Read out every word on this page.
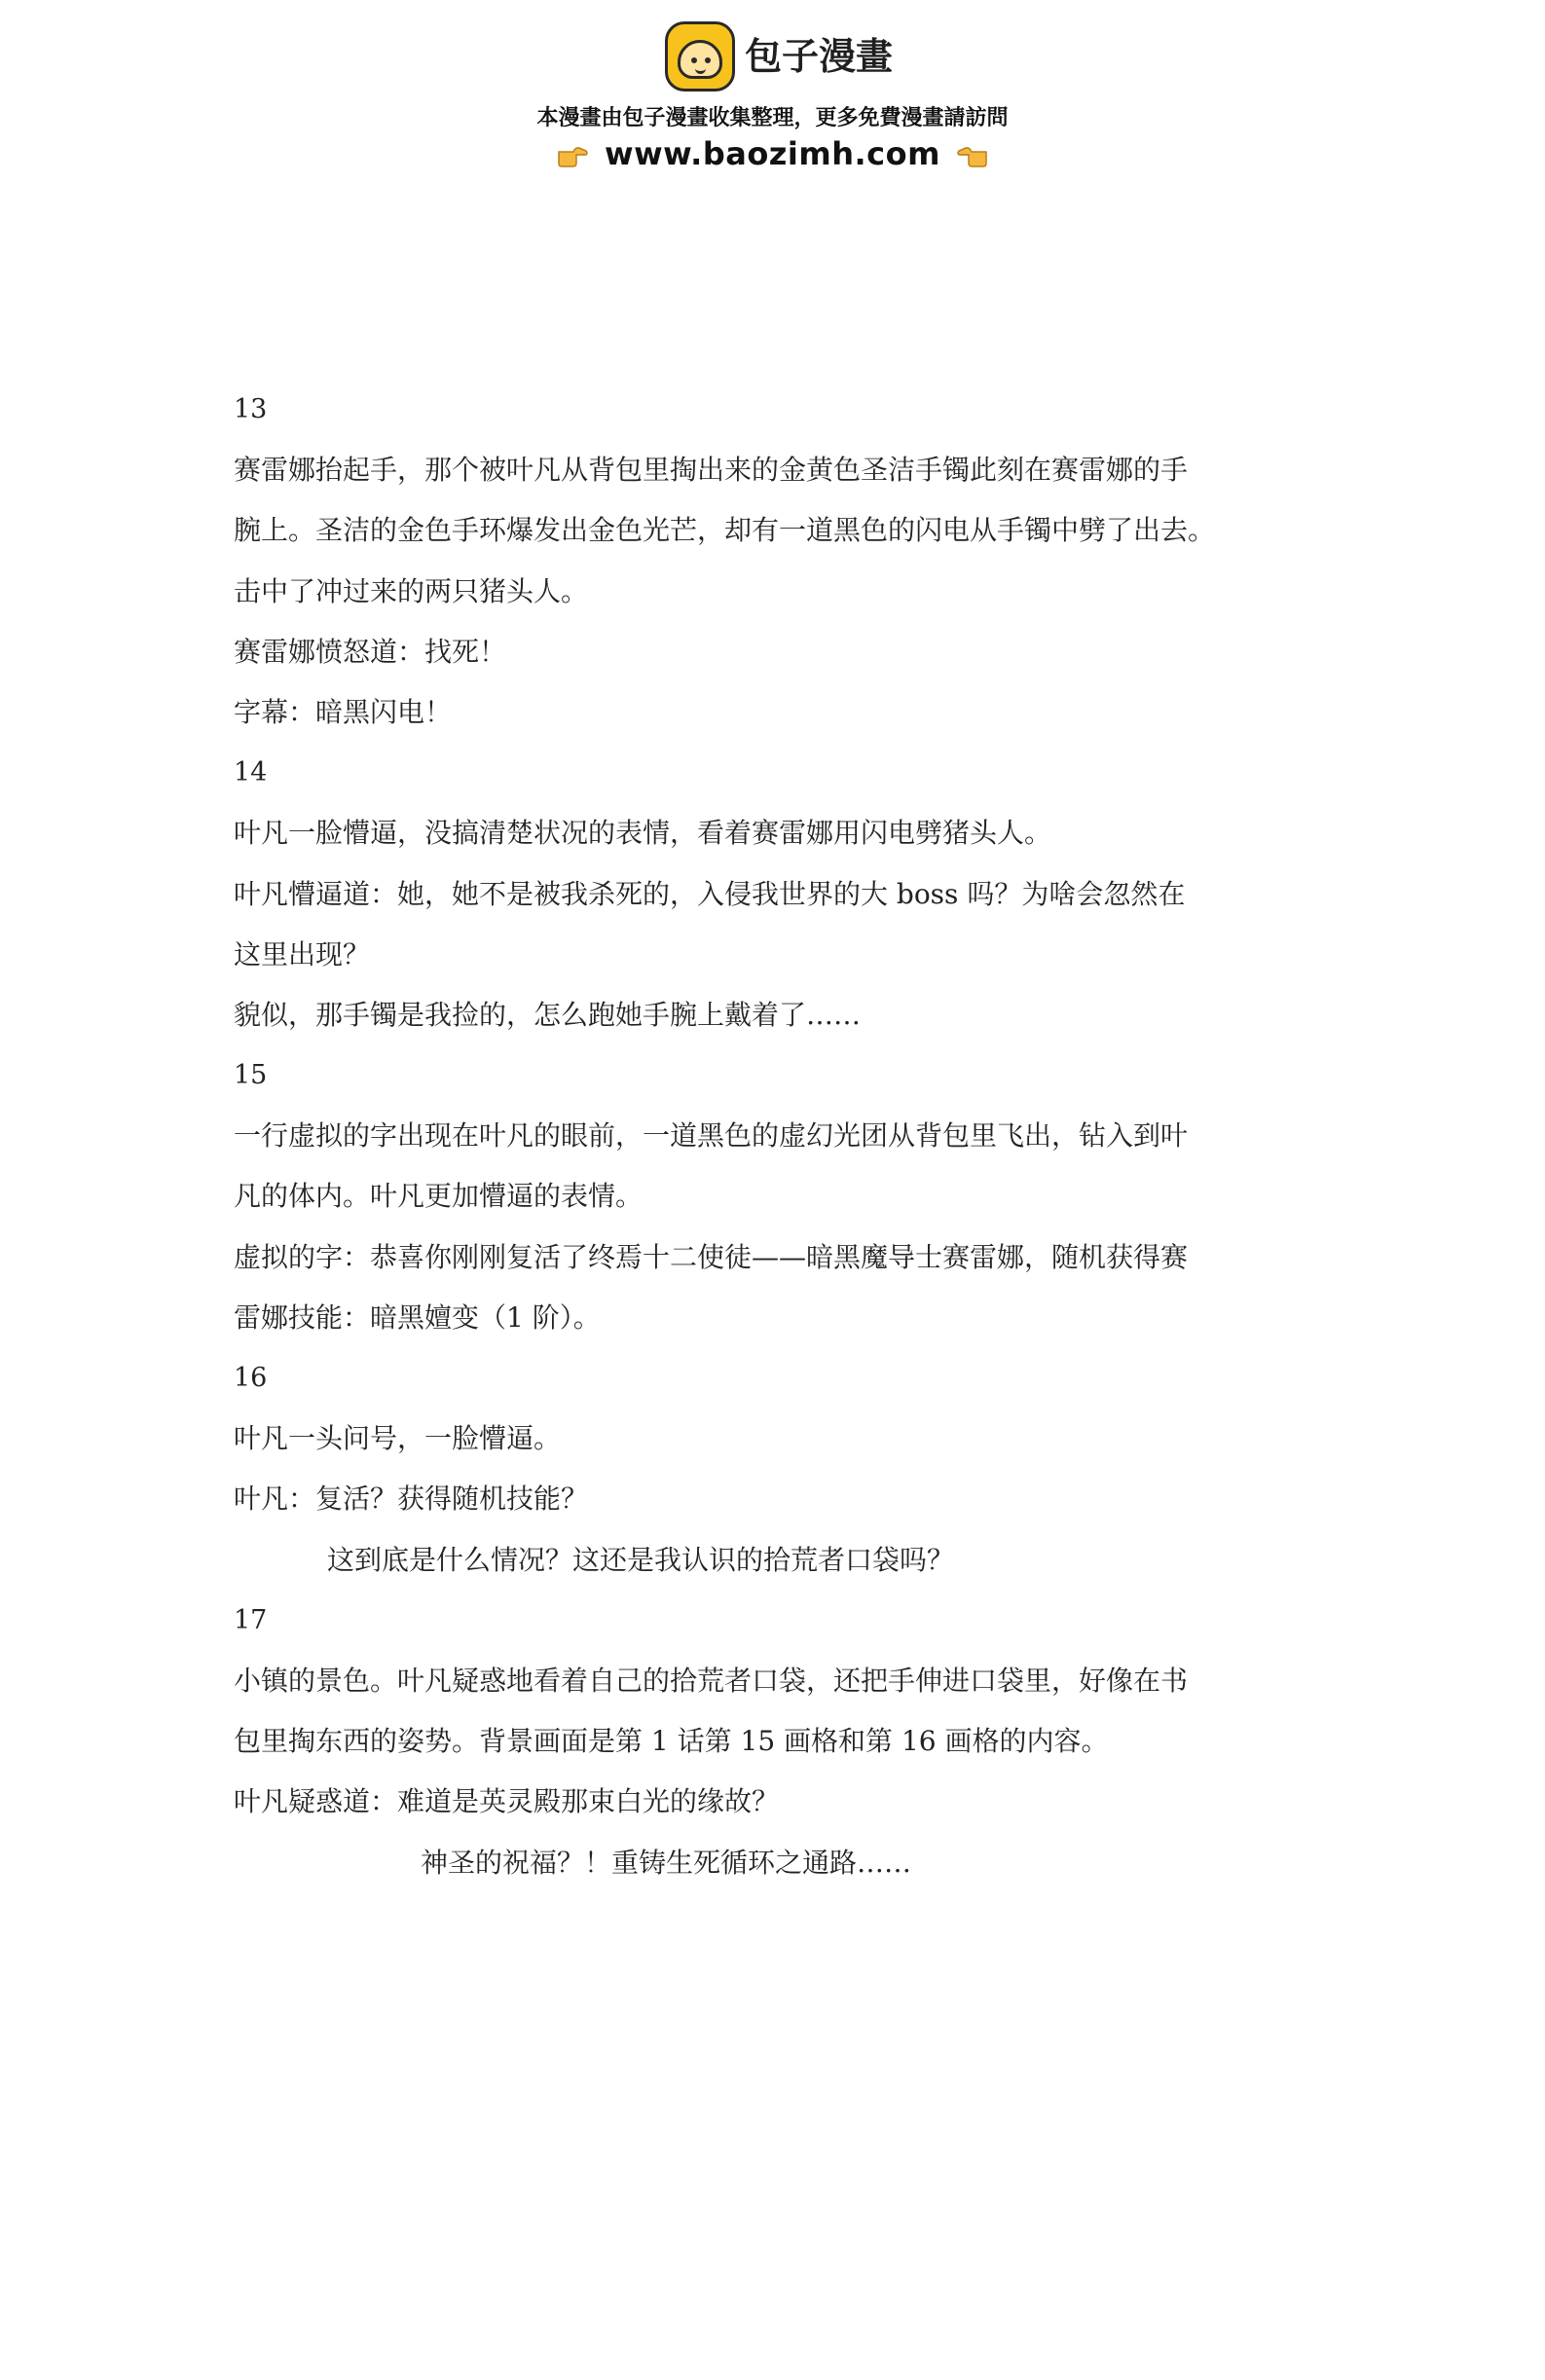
包子漫畫
本漫畫由包子漫畫收集整理，更多免費漫畫請訪問
www.baozimh.com
13
赛雷娜抬起手，那个被叶凡从背包里掏出来的金黄色圣洁手镯此刻在赛雷娜的手
腕上。圣洁的金色手环爆发出金色光芒，却有一道黑色的闪电从手镯中劈了出去。
击中了冲过来的两只猪头人。
赛雷娜愤怒道：找死！
字幕：暗黑闪电！
14
叶凡一脸懵逼，没搞清楚状况的表情，看着赛雷娜用闪电劈猪头人。
叶凡懵逼道：她，她不是被我杀死的，入侵我世界的大 boss 吗？为啥会忽然在
这里出现？
貌似，那手镯是我捡的，怎么跑她手腕上戴着了……
15
一行虚拟的字出现在叶凡的眼前，一道黑色的虚幻光团从背包里飞出，钻入到叶
凡的体内。叶凡更加懵逼的表情。
虚拟的字：恭喜你刚刚复活了终焉十二使徒——暗黑魔导士赛雷娜，随机获得赛
雷娜技能：暗黑嬗变（1 阶）。
16
叶凡一头问号，一脸懵逼。
叶凡：复活？获得随机技能？
这到底是什么情况？这还是我认识的拾荒者口袋吗？
17
小镇的景色。叶凡疑惑地看着自己的拾荒者口袋，还把手伸进口袋里，好像在书
包里掏东西的姿势。背景画面是第 1 话第 15 画格和第 16 画格的内容。
叶凡疑惑道：难道是英灵殿那束白光的缘故？
神圣的祝福？！重铸生死循环之通路……
